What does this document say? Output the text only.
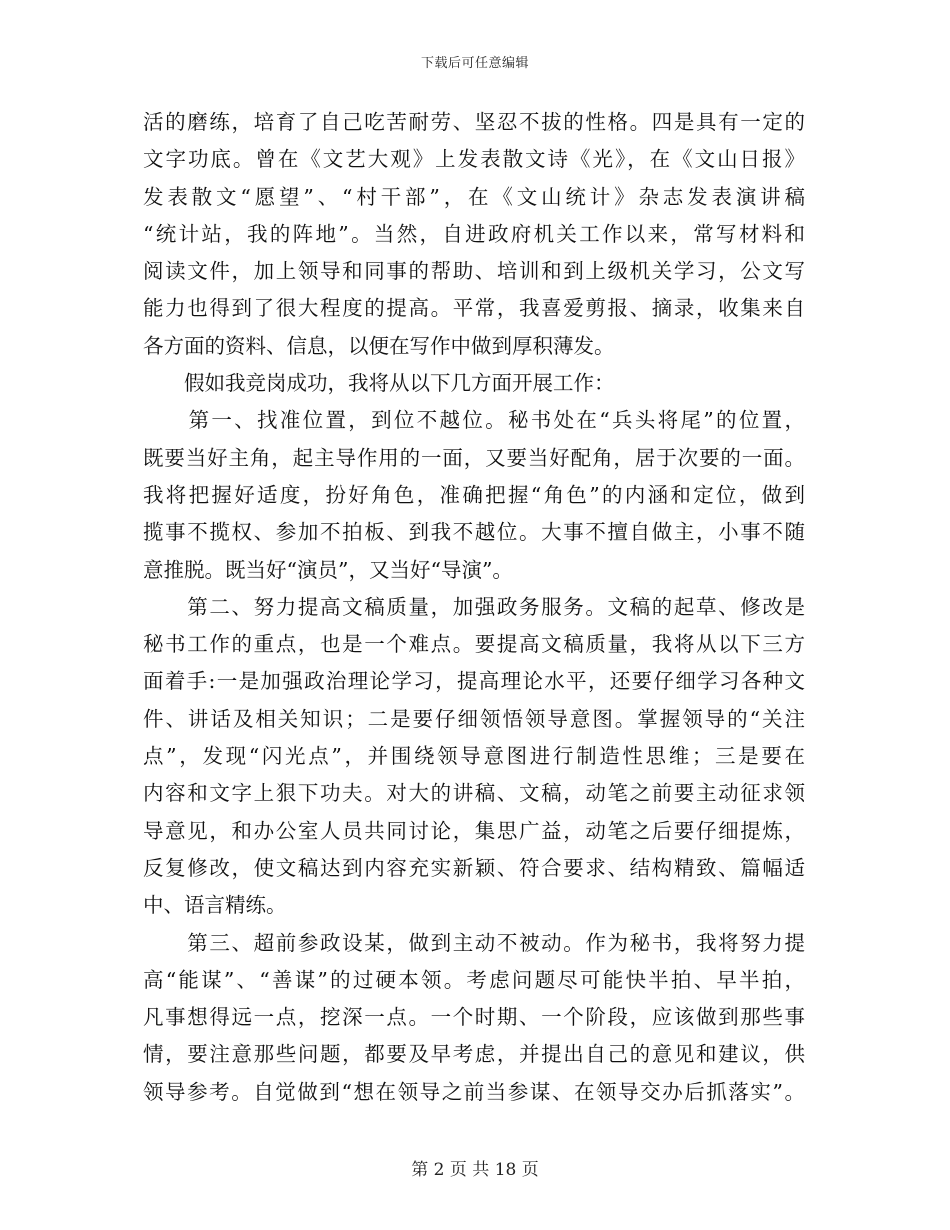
下载后可任意编辑
活的磨练，培育了自己吃苦耐劳、坚忍不拔的性格。四是具有一定的
文字功底。曾在《文艺大观》上发表散文诗《光》，在《文山日报》
发表散文“愿望”、“村干部”，在《文山统计》杂志发表演讲稿
“统计站，我的阵地”。当然，自进政府机关工作以来，常写材料和
阅读文件，加上领导和同事的帮助、培训和到上级机关学习，公文写
能力也得到了很大程度的提高。平常，我喜爱剪报、摘录，收集来自
各方面的资料、信息，以便在写作中做到厚积薄发。
　　假如我竞岗成功，我将从以下几方面开展工作：
　　第一、找准位置，到位不越位。秘书处在“兵头将尾”的位置，
既要当好主角，起主导作用的一面，又要当好配角，居于次要的一面。
我将把握好适度，扮好角色，准确把握“角色”的内涵和定位，做到
揽事不揽权、参加不拍板、到我不越位。大事不擅自做主，小事不随
意推脱。既当好“演员”，又当好“导演”。
　　第二、努力提高文稿质量，加强政务服务。文稿的起草、修改是
秘书工作的重点，也是一个难点。要提高文稿质量，我将从以下三方
面着手:一是加强政治理论学习，提高理论水平，还要仔细学习各种文
件、讲话及相关知识；二是要仔细领悟领导意图。掌握领导的“关注
点”，发现“闪光点”，并围绕领导意图进行制造性思维；三是要在
内容和文字上狠下功夫。对大的讲稿、文稿，动笔之前要主动征求领
导意见，和办公室人员共同讨论，集思广益，动笔之后要仔细提炼，
反复修改，使文稿达到内容充实新颖、符合要求、结构精致、篇幅适
中、语言精练。
　　第三、超前参政设某，做到主动不被动。作为秘书，我将努力提
高“能谋”、“善谋”的过硬本领。考虑问题尽可能快半拍、早半拍，
凡事想得远一点，挖深一点。一个时期、一个阶段，应该做到那些事
情，要注意那些问题，都要及早考虑，并提出自己的意见和建议，供
领导参考。自觉做到“想在领导之前当参谋、在领导交办后抓落实”。
第 2 页 共 18 页
